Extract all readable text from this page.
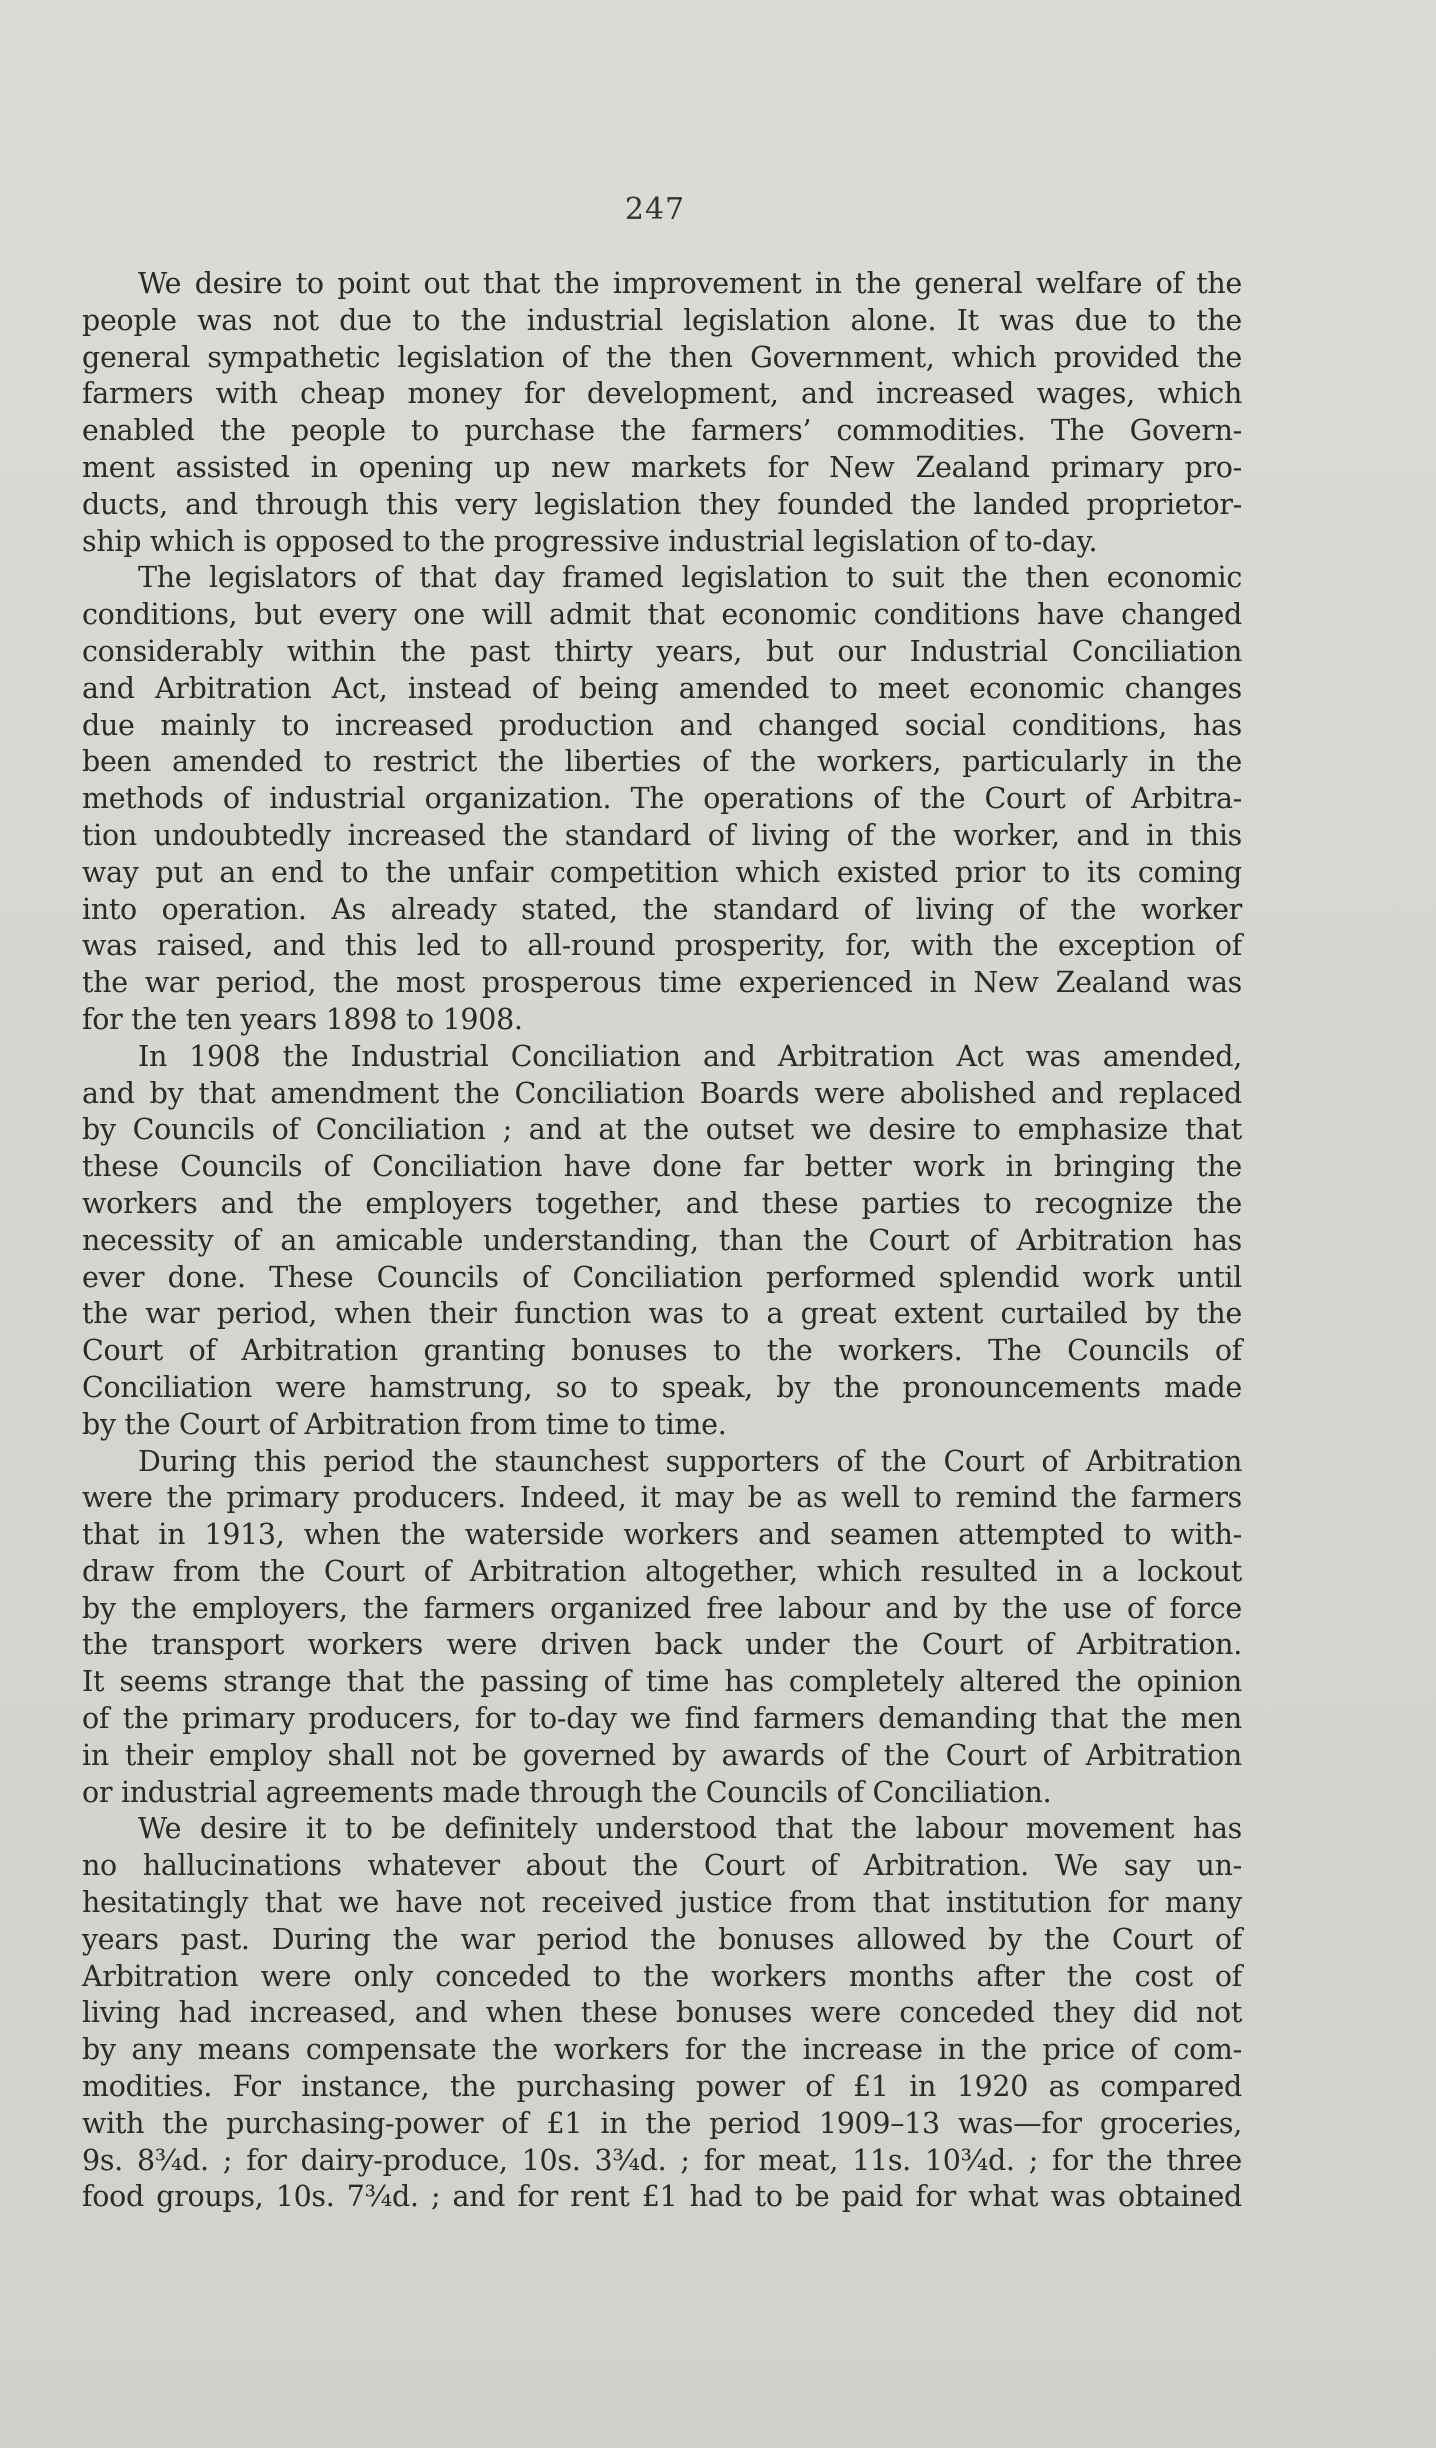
247
We desire to point out that the improvement in the general welfare of the
people was not due to the industrial legislation alone. It was due to the
general sympathetic legislation of the then Government, which provided the
farmers with cheap money for development, and increased wages, which
enabled the people to purchase the farmers’ commodities. The Govern-
ment assisted in opening up new markets for New Zealand primary pro-
ducts, and through this very legislation they founded the landed proprietor-
ship which is opposed to the progressive industrial legislation of to-day.
The legislators of that day framed legislation to suit the then economic
conditions, but every one will admit that economic conditions have changed
considerably within the past thirty years, but our Industrial Conciliation
and Arbitration Act, instead of being amended to meet economic changes
due mainly to increased production and changed social conditions, has
been amended to restrict the liberties of the workers, particularly in the
methods of industrial organization. The operations of the Court of Arbitra-
tion undoubtedly increased the standard of living of the worker, and in this
way put an end to the unfair competition which existed prior to its coming
into operation. As already stated, the standard of living of the worker
was raised, and this led to all-round prosperity, for, with the exception of
the war period, the most prosperous time experienced in New Zealand was
for the ten years 1898 to 1908.
In 1908 the Industrial Conciliation and Arbitration Act was amended,
and by that amendment the Conciliation Boards were abolished and replaced
by Councils of Conciliation ; and at the outset we desire to emphasize that
these Councils of Conciliation have done far better work in bringing the
workers and the employers together, and these parties to recognize the
necessity of an amicable understanding, than the Court of Arbitration has
ever done. These Councils of Conciliation performed splendid work until
the war period, when their function was to a great extent curtailed by the
Court of Arbitration granting bonuses to the workers. The Councils of
Conciliation were hamstrung, so to speak, by the pronouncements made
by the Court of Arbitration from time to time.
During this period the staunchest supporters of the Court of Arbitration
were the primary producers. Indeed, it may be as well to remind the farmers
that in 1913, when the waterside workers and seamen attempted to with-
draw from the Court of Arbitration altogether, which resulted in a lockout
by the employers, the farmers organized free labour and by the use of force
the transport workers were driven back under the Court of Arbitration.
It seems strange that the passing of time has completely altered the opinion
of the primary producers, for to-day we find farmers demanding that the men
in their employ shall not be governed by awards of the Court of Arbitration
or industrial agreements made through the Councils of Conciliation.
We desire it to be definitely understood that the labour movement has
no hallucinations whatever about the Court of Arbitration. We say un-
hesitatingly that we have not received justice from that institution for many
years past. During the war period the bonuses allowed by the Court of
Arbitration were only conceded to the workers months after the cost of
living had increased, and when these bonuses were conceded they did not
by any means compensate the workers for the increase in the price of com-
modities. For instance, the purchasing power of £1 in 1920 as compared
with the purchasing-power of £1 in the period 1909–13 was—for groceries,
9s. 8¾d. ; for dairy-produce, 10s. 3¾d. ; for meat, 11s. 10¾d. ; for the three
food groups, 10s. 7¾d. ; and for rent £1 had to be paid for what was obtained
